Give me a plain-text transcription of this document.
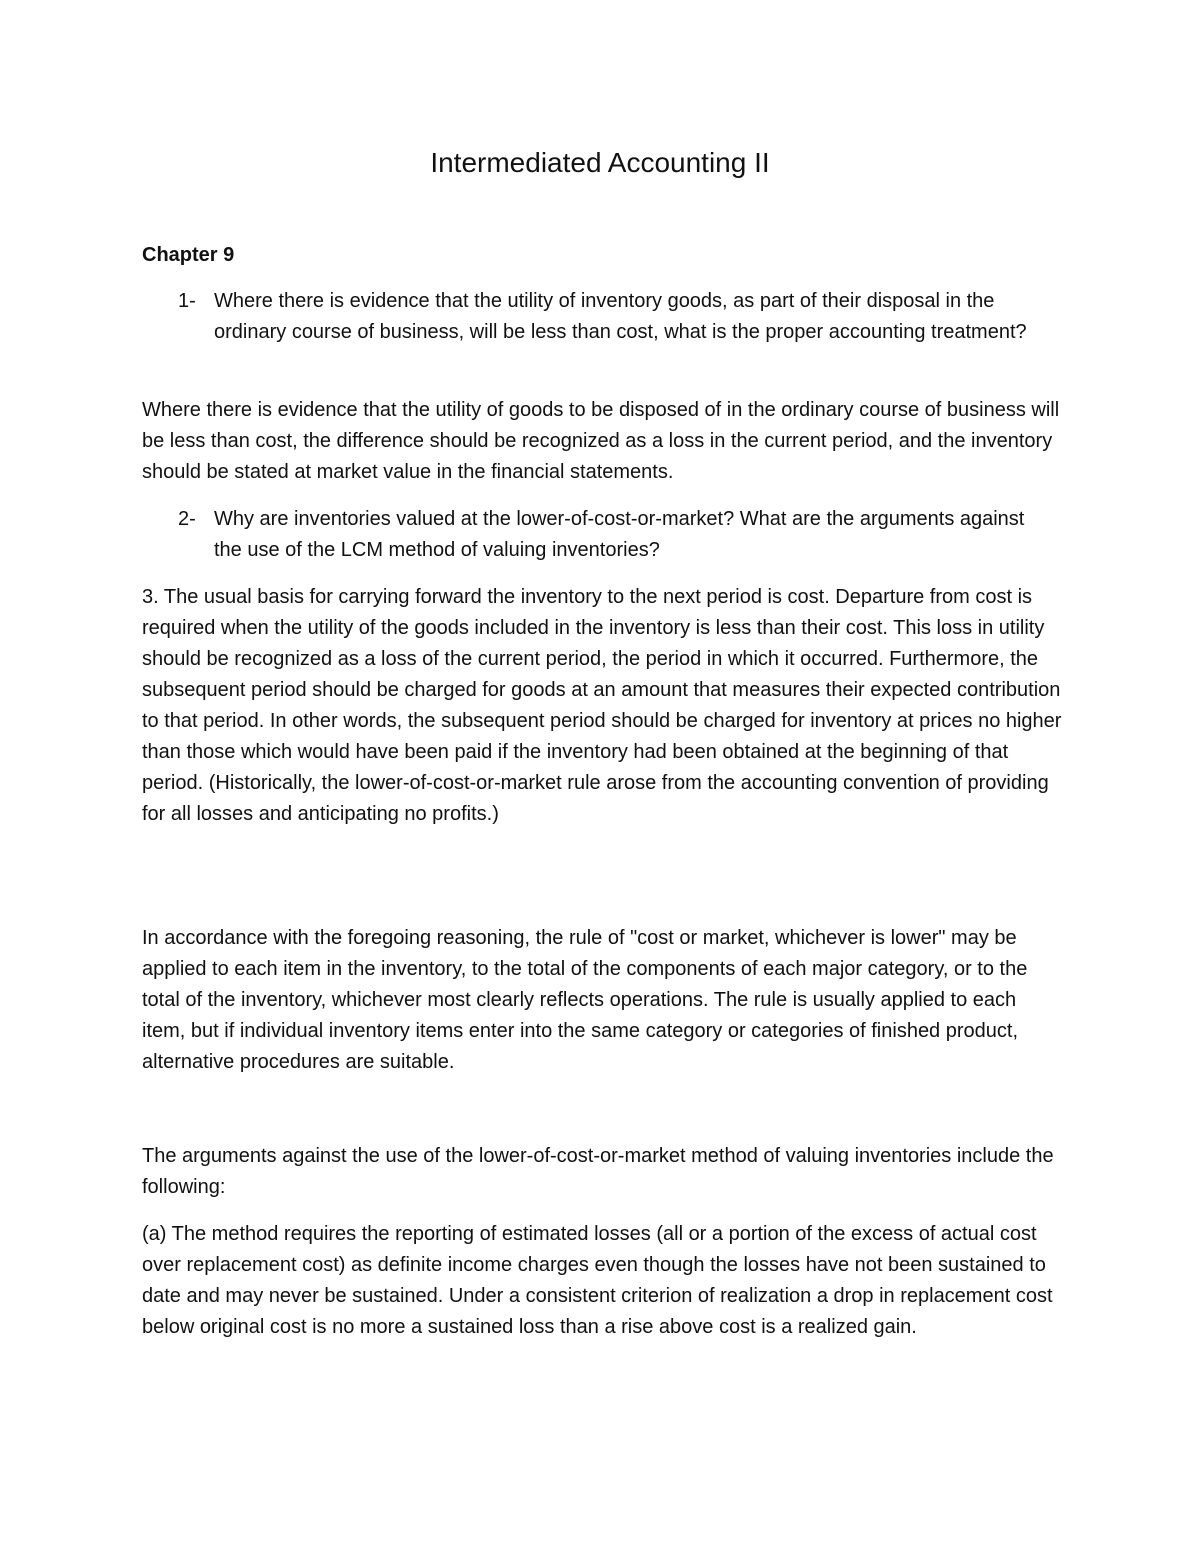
Intermediated Accounting II
Chapter 9
1- Where there is evidence that the utility of inventory goods, as part of their disposal in the ordinary course of business, will be less than cost, what is the proper accounting treatment?

Where there is evidence that the utility of goods to be disposed of in the ordinary course of business will be less than cost, the difference should be recognized as a loss in the current period, and the inventory should be stated at market value in the financial statements.

2- Why are inventories valued at the lower-of-cost-or-market? What are the arguments against the use of the LCM method of valuing inventories?

3. The usual basis for carrying forward the inventory to the next period is cost. Departure from cost is required when the utility of the goods included in the inventory is less than their cost. This loss in utility should be recognized as a loss of the current period, the period in which it occurred. Furthermore, the subsequent period should be charged for goods at an amount that measures their expected contribution to that period. In other words, the subsequent period should be charged for inventory at prices no higher than those which would have been paid if the inventory had been obtained at the beginning of that period. (Historically, the lower-of-cost-or-market rule arose from the accounting convention of providing for all losses and anticipating no profits.)

In accordance with the foregoing reasoning, the rule of "cost or market, whichever is lower" may be applied to each item in the inventory, to the total of the components of each major category, or to the total of the inventory, whichever most clearly reflects operations. The rule is usually applied to each item, but if individual inventory items enter into the same category or categories of finished product, alternative procedures are suitable.

The arguments against the use of the lower-of-cost-or-market method of valuing inventories include the following:

(a) The method requires the reporting of estimated losses (all or a portion of the excess of actual cost over replacement cost) as definite income charges even though the losses have not been sustained to date and may never be sustained. Under a consistent criterion of realization a drop in replacement cost below original cost is no more a sustained loss than a rise above cost is a realized gain.
